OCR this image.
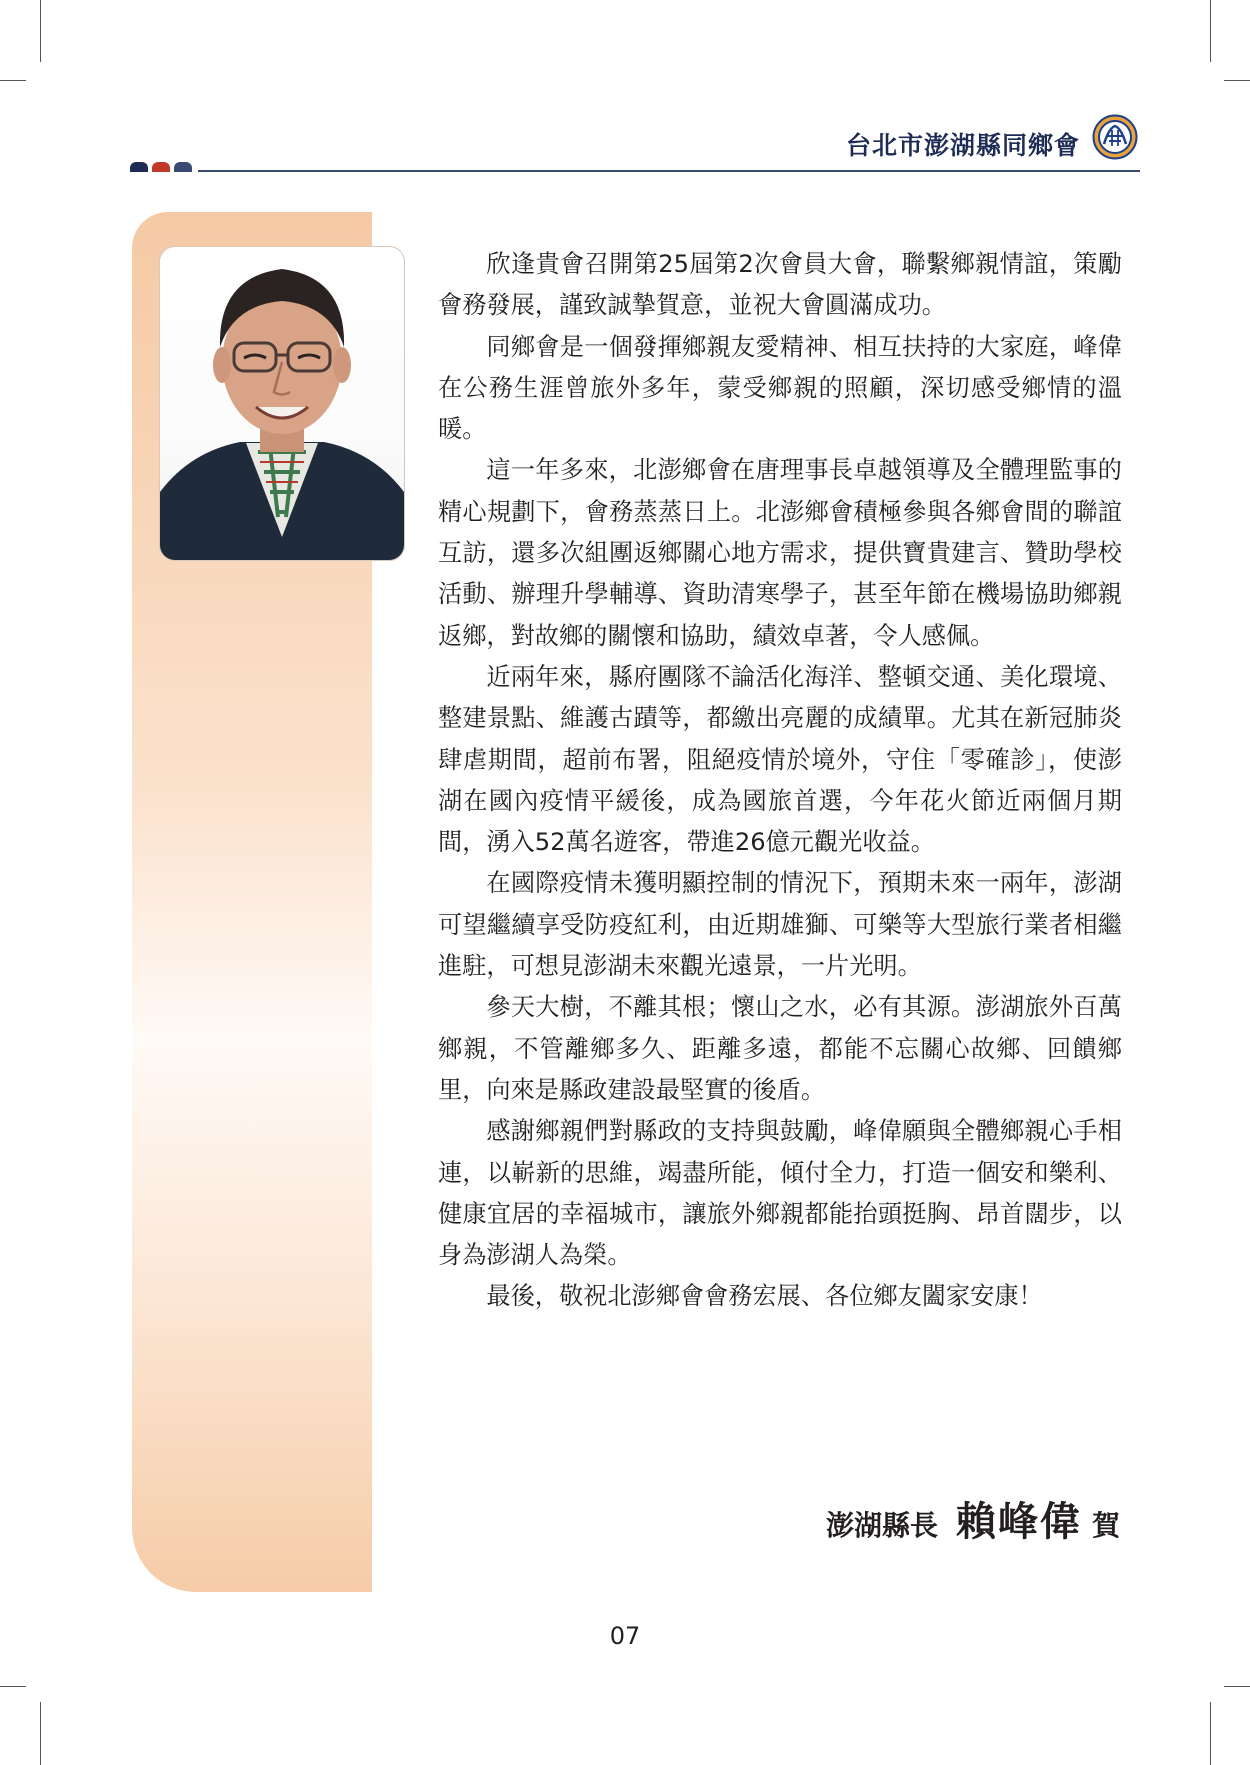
台北市澎湖縣同鄉會

欣逢貴會召開第25屆第2次會員大會，聯繫鄉親情誼，策勵會務發展，謹致誠摯賀意，並祝大會圓滿成功。

同鄉會是一個發揮鄉親友愛精神、相互扶持的大家庭，峰偉在公務生涯曾旅外多年，蒙受鄉親的照顧，深切感受鄉情的溫暖。

這一年多來，北澎鄉會在唐理事長卓越領導及全體理監事的精心規劃下，會務蒸蒸日上。北澎鄉會積極參與各鄉會間的聯誼互訪，還多次組團返鄉關心地方需求，提供寶貴建言、贊助學校活動、辦理升學輔導、資助清寒學子，甚至年節在機場協助鄉親返鄉，對故鄉的關懷和協助，績效卓著，令人感佩。

近兩年來，縣府團隊不論活化海洋、整頓交通、美化環境、整建景點、維護古蹟等，都繳出亮麗的成績單。尤其在新冠肺炎肆虐期間，超前布署，阻絕疫情於境外，守住「零確診」，使澎湖在國內疫情平緩後，成為國旅首選，今年花火節近兩個月期間，湧入52萬名遊客，帶進26億元觀光收益。

在國際疫情未獲明顯控制的情況下，預期未來一兩年，澎湖可望繼續享受防疫紅利，由近期雄獅、可樂等大型旅行業者相繼進駐，可想見澎湖未來觀光遠景，一片光明。

參天大樹，不離其根；懷山之水，必有其源。澎湖旅外百萬鄉親，不管離鄉多久、距離多遠，都能不忘關心故鄉、回饋鄉里，向來是縣政建設最堅實的後盾。

感謝鄉親們對縣政的支持與鼓勵，峰偉願與全體鄉親心手相連，以嶄新的思維，竭盡所能，傾付全力，打造一個安和樂利、健康宜居的幸福城市，讓旅外鄉親都能抬頭挺胸、昂首闊步，以身為澎湖人為榮。

最後，敬祝北澎鄉會會務宏展、各位鄉友闔家安康！

澎湖縣長 賴峰偉 賀
07
